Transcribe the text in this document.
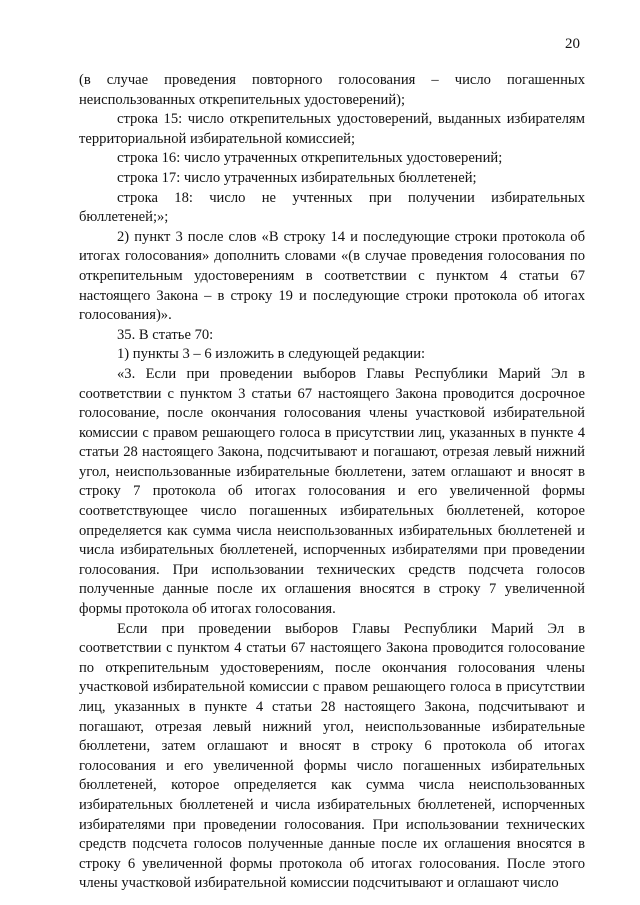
20

(в случае проведения повторного голосования – число погашенных неиспользованных открепительных удостоверений);

строка 15: число открепительных удостоверений, выданных избирателям территориальной избирательной комиссией;

строка 16: число утраченных открепительных удостоверений;

строка 17: число утраченных избирательных бюллетеней;

строка 18: число не учтенных при получении избирательных бюллетеней;»;

2) пункт 3 после слов «В строку 14 и последующие строки протокола об итогах голосования» дополнить словами «(в случае проведения голосования по открепительным удостоверениям в соответствии с пунктом 4 статьи 67 настоящего Закона – в строку 19 и последующие строки протокола об итогах голосования)».

35. В статье 70:

1) пункты 3 – 6 изложить в следующей редакции:

«3. Если при проведении выборов Главы Республики Марий Эл в соответствии с пунктом 3 статьи 67 настоящего Закона проводится досрочное голосование, после окончания голосования члены участковой избирательной комиссии с правом решающего голоса в присутствии лиц, указанных в пункте 4 статьи 28 настоящего Закона, подсчитывают и погашают, отрезая левый нижний угол, неиспользованные избирательные бюллетени, затем оглашают и вносят в строку 7 протокола об итогах голосования и его увеличенной формы соответствующее число погашенных избирательных бюллетеней, которое определяется как сумма числа неиспользованных избирательных бюллетеней и числа избирательных бюллетеней, испорченных избирателями при проведении голосования. При использовании технических средств подсчета голосов полученные данные после их оглашения вносятся в строку 7 увеличенной формы протокола об итогах голосования.

Если при проведении выборов Главы Республики Марий Эл в соответствии с пунктом 4 статьи 67 настоящего Закона проводится голосование по открепительным удостоверениям, после окончания голосования члены участковой избирательной комиссии с правом решающего голоса в присутствии лиц, указанных в пункте 4 статьи 28 настоящего Закона, подсчитывают и погашают, отрезая левый нижний угол, неиспользованные избирательные бюллетени, затем оглашают и вносят в строку 6 протокола об итогах голосования и его увеличенной формы число погашенных избирательных бюллетеней, которое определяется как сумма числа неиспользованных избирательных бюллетеней и числа избирательных бюллетеней, испорченных избирателями при проведении голосования. При использовании технических средств подсчета голосов полученные данные после их оглашения вносятся в строку 6 увеличенной формы протокола об итогах голосования. После этого члены участковой избирательной комиссии подсчитывают и оглашают число
